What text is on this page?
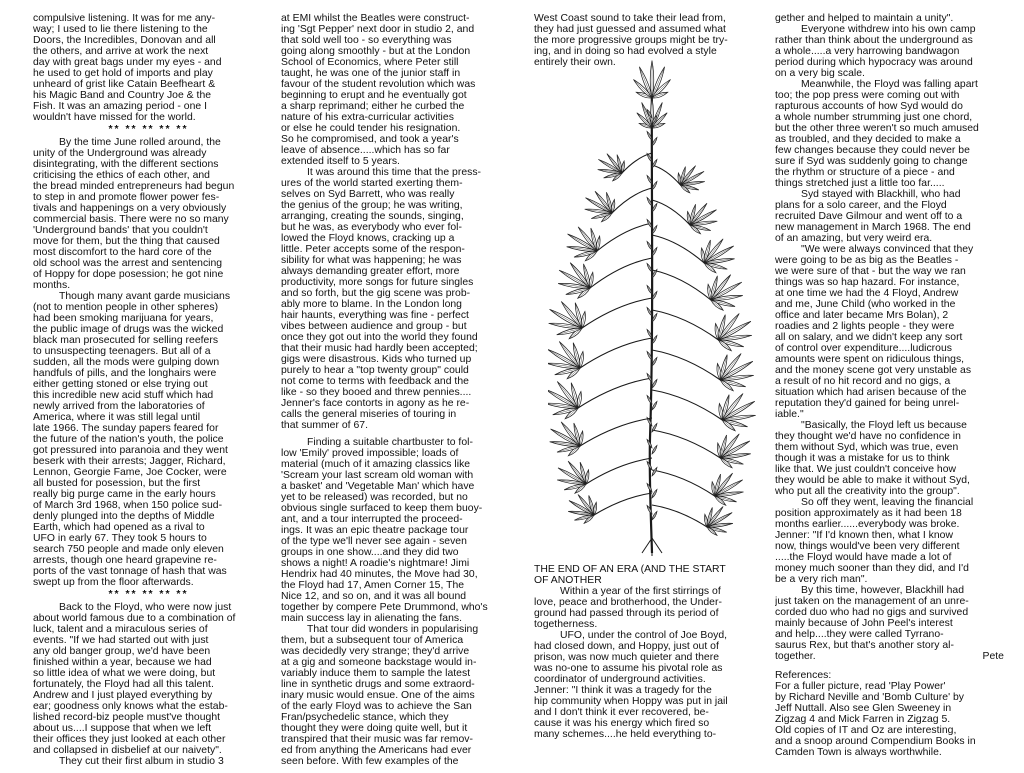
compulsive listening. It was for me any-

way; I used to lie there listening to the

Doors, the Incredibles, Donovan and all

the others, and arrive at work the next

day with great bags under my eyes - and

he used to get hold of imports and play

unheard of grist like Catain Beefheart &

his Magic Band and Country Joe & the

Fish. It was an amazing period - one I

wouldn't have missed for the world.

** ** ** ** **

By the time June rolled around, the

unity of the Underground was already

disintegrating, with the different sections

criticising the ethics of each other, and

the bread minded entrepreneurs had begun

to step in and promote flower power fes-

tivals and happenings on a very obviously

commercial basis. There were no so many

'Underground bands' that you couldn't

move for them, but the thing that caused

most discomfort to the hard core of the

old school was the arrest and sentencing

of Hoppy for dope posession; he got nine

months.

Though many avant garde musicians

(not to mention people in other spheres)

had been smoking marijuana for years,

the public image of drugs was the wicked

black man prosecuted for selling reefers

to unsuspecting teenagers. But all of a

sudden, all the mods were gulping down

handfuls of pills, and the longhairs were

either getting stoned or else trying out

this incredible new acid stuff which had

newly arrived from the laboratories of

America, where it was still legal until

late 1966. The sunday papers feared for

the future of the nation's youth, the police

got pressured into paranoia and they went

beserk with their arrests; Jagger, Richard,

Lennon, Georgie Fame, Joe Cocker, were

all busted for posession, but the first

really big purge came in the early hours

of March 3rd 1968, when 150 police sud-

denly plunged into the depths of Middle

Earth, which had opened as a rival to

UFO in early 67. They took 5 hours to

search 750 people and made only eleven

arrests, though one heard grapevine re-

ports of the vast tonnage of hash that was

swept up from the floor afterwards.

** ** ** ** **

Back to the Floyd, who were now just

about world famous due to a combination of

luck, talent and a miraculous series of

events. "If we had started out with just

any old banger group, we'd have been

finished within a year, because we had

so little idea of what we were doing, but

fortunately, the Floyd had all this talent.

Andrew and I just played everything by

ear; goodness only knows what the estab-

lished record-biz people must've thought

about us....I suppose that when we left

their offices they just looked at each other

and collapsed in disbelief at our naivety".

They cut their first album in studio 3

at EMI whilst the Beatles were construct-

ing 'Sgt Pepper' next door in studio 2, and

that sold well too - so everything was

going along smoothly - but at the London

School of Economics, where Peter still

taught, he was one of the junior staff in

favour of the student revolution which was

beginning to erupt and he eventually got

a sharp reprimand; either he curbed the

nature of his extra-curricular activities

or else he could tender his resignation.

So he compromised, and took a year's

leave of absence.....which has so far

extended itself to 5 years.

It was around this time that the press-

ures of the world started exerting them-

selves on Syd Barrett, who was really

the genius of the group; he was writing,

arranging, creating the sounds, singing,

but he was, as everybody who ever fol-

lowed the Floyd knows, cracking up a

little. Peter accepts some of the respon-

sibility for what was happening; he was

always demanding greater effort, more

productivity, more songs for future singles

and so forth, but the gig scene was prob-

ably more to blame. In the London long

hair haunts, everything was fine - perfect

vibes between audience and group - but

once they got out into the world they found

that their music had hardly been accepted;

gigs were disastrous. Kids who turned up

purely to hear a "top twenty group" could

not come to terms with feedback and the

like - so they booed and threw pennies....

Jenner's face contorts in agony as he re-

calls the general miseries of touring in

that summer of 67.

Finding a suitable chartbuster to fol-

low 'Emily' proved impossible; loads of

material (much of it amazing classics like

'Scream your last scream old woman with

a basket' and 'Vegetable Man' which have

yet to be released) was recorded, but no

obvious single surfaced to keep them buoy-

ant, and a tour interrupted the proceed-

ings. It was an epic theatre package tour

of the type we'll never see again - seven

groups in one show....and they did two

shows a night! A roadie's nightmare! Jimi

Hendrix had 40 minutes, the Move had 30,

the Floyd had 17, Amen Corner 15, The

Nice 12, and so on, and it was all bound

together by compere Pete Drummond, who's

main success lay in alienating the fans.

That tour did wonders in popularising

them, but a subsequent tour of America

was decidedly very strange; they'd arrive

at a gig and someone backstage would in-

variably induce them to sample the latest

line in synthetic drugs and some extraord-

inary music would ensue. One of the aims

of the early Floyd was to achieve the San

Fran/psychedelic stance, which they

thought they were doing quite well, but it

transpired that their music was far remov-

ed from anything the Americans had ever

seen before. With few examples of the

West Coast sound to take their lead from,

they had just guessed and assumed what

the more progressive groups might be try-

ing, and in doing so had evolved a style

entirely their own.

THE END OF AN ERA (AND THE START

OF ANOTHER

Within a year of the first stirrings of

love, peace and brotherhood, the Under-

ground had passed through its period of

togetherness.

UFO, under the control of Joe Boyd,

had closed down, and Hoppy, just out of

prison, was now much quieter and there

was no-one to assume his pivotal role as

coordinator of underground activities.

Jenner: "I think it was a tragedy for the

hip community when Hoppy was put in jail

and I don't think it ever recovered, be-

cause it was his energy which fired so

many schemes....he held everything to-

gether and helped to maintain a unity".

Everyone withdrew into his own camp

rather than think about the underground as

a whole.....a very harrowing bandwagon

period during which hypocracy was around

on a very big scale.

Meanwhile, the Floyd was falling apart

too; the pop press were coming out with

rapturous accounts of how Syd would do

a whole number strumming just one chord,

but the other three weren't so much amused

as troubled, and they decided to make a

few changes because they could never be

sure if Syd was suddenly going to change

the rhythm or structure of a piece - and

things stretched just a little too far.....

Syd stayed with Blackhill, who had

plans for a solo career, and the Floyd

recruited Dave Gilmour and went off to a

new management in March 1968. The end

of an amazing, but very weird era.

"We were always convinced that they

were going to be as big as the Beatles -

we were sure of that - but the way we ran

things was so hap hazard. For instance,

at one time we had the 4 Floyd, Andrew

and me, June Child (who worked in the

office and later became Mrs Bolan), 2

roadies and 2 lights people - they were

all on salary, and we didn't keep any sort

of control over expenditure....ludicrous

amounts were spent on ridiculous things,

and the money scene got very unstable as

a result of no hit record and no gigs, a

situation which had arisen because of the

reputation they'd gained for being unrel-

iable."

"Basically, the Floyd left us because

they thought we'd have no confidence in

them without Syd, which was true, even

though it was a mistake for us to think

like that. We just couldn't conceive how

they would be able to make it without Syd,

who put all the creativity into the group".

So off they went, leaving the financial

position approximately as it had been 18

months earlier......everybody was broke.

Jenner: "If I'd known then, what I know

now, things would've been very different

.....the Floyd would have made a lot of

money much sooner than they did, and I'd

be a very rich man".

By this time, however, Blackhill had

just taken on the management of an unre-

corded duo who had no gigs and survived

mainly because of John Peel's interest

and help....they were called Tyrrano-

saurus Rex, but that's another story al-

together.	Pete

References:

For a fuller picture, read 'Play Power'

by Richard Neville and 'Bomb Culture' by

Jeff Nuttall. Also see Glen Sweeney in

Zigzag 4 and Mick Farren in Zigzag 5.

Old copies of IT and Oz are interesting,

and a snoop around Compendium Books in

Camden Town is always worthwhile.
